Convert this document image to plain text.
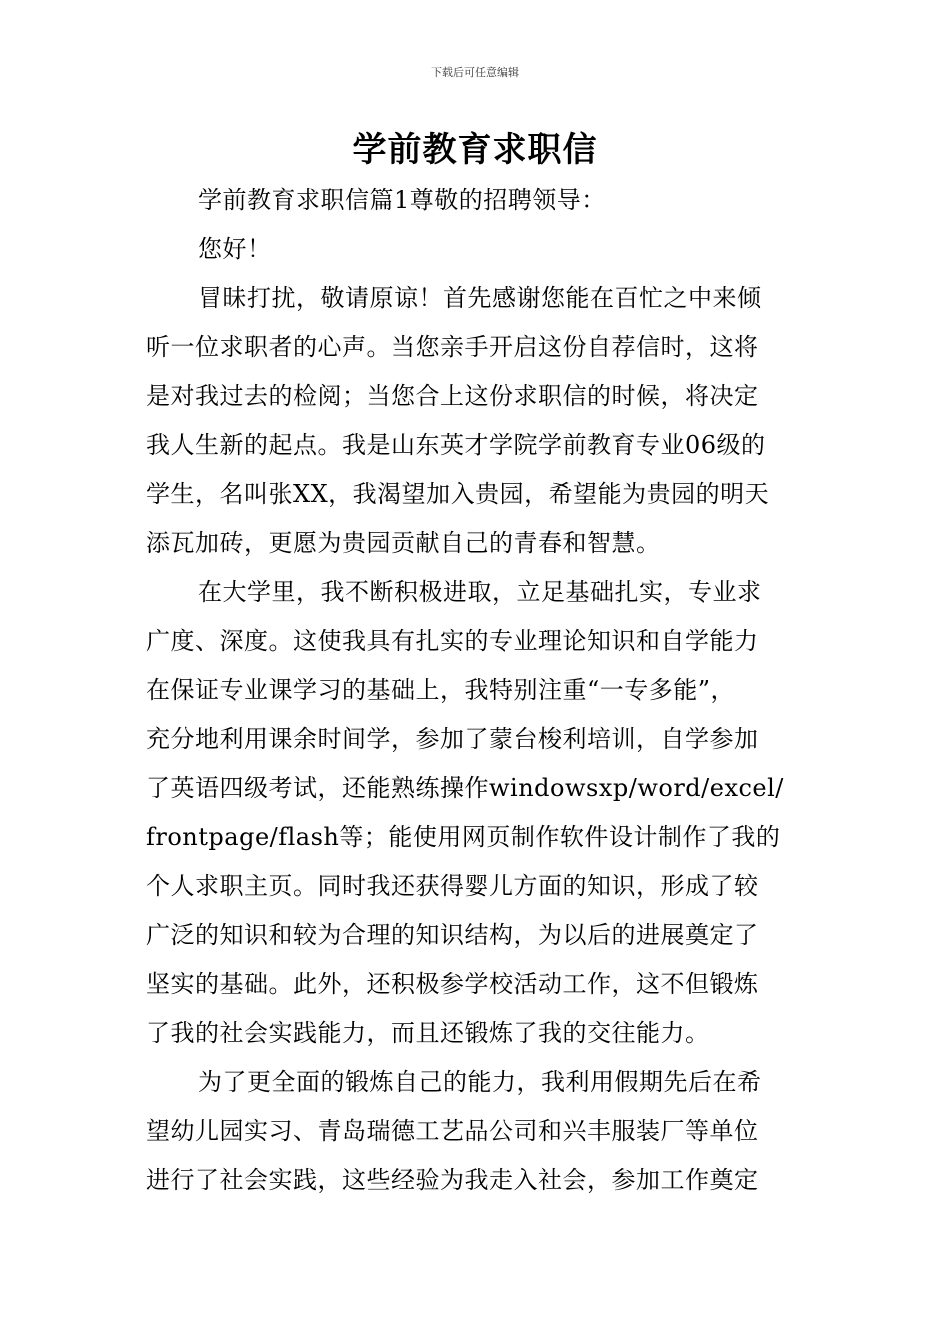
下载后可任意编辑
学前教育求职信
学前教育求职信篇1尊敬的招聘领导：
您好！
冒昧打扰，敬请原谅！首先感谢您能在百忙之中来倾
听一位求职者的心声。当您亲手开启这份自荐信时，这将
是对我过去的检阅；当您合上这份求职信的时候，将决定
我人生新的起点。我是山东英才学院学前教育专业06级的
学生，名叫张XX，我渴望加入贵园，希望能为贵园的明天
添瓦加砖，更愿为贵园贡献自己的青春和智慧。
在大学里，我不断积极进取，立足基础扎实，专业求
广度、深度。这使我具有扎实的专业理论知识和自学能力
在保证专业课学习的基础上，我特别注重“一专多能”，
充分地利用课余时间学，参加了蒙台梭利培训，自学参加
了英语四级考试，还能熟练操作windowsxp/word/excel/
frontpage/flash等；能使用网页制作软件设计制作了我的
个人求职主页。同时我还获得婴儿方面的知识，形成了较
广泛的知识和较为合理的知识结构，为以后的进展奠定了
坚实的基础。此外，还积极参学校活动工作，这不但锻炼
了我的社会实践能力，而且还锻炼了我的交往能力。
为了更全面的锻炼自己的能力，我利用假期先后在希
望幼儿园实习、青岛瑞德工艺品公司和兴丰服装厂等单位
进行了社会实践，这些经验为我走入社会，参加工作奠定
